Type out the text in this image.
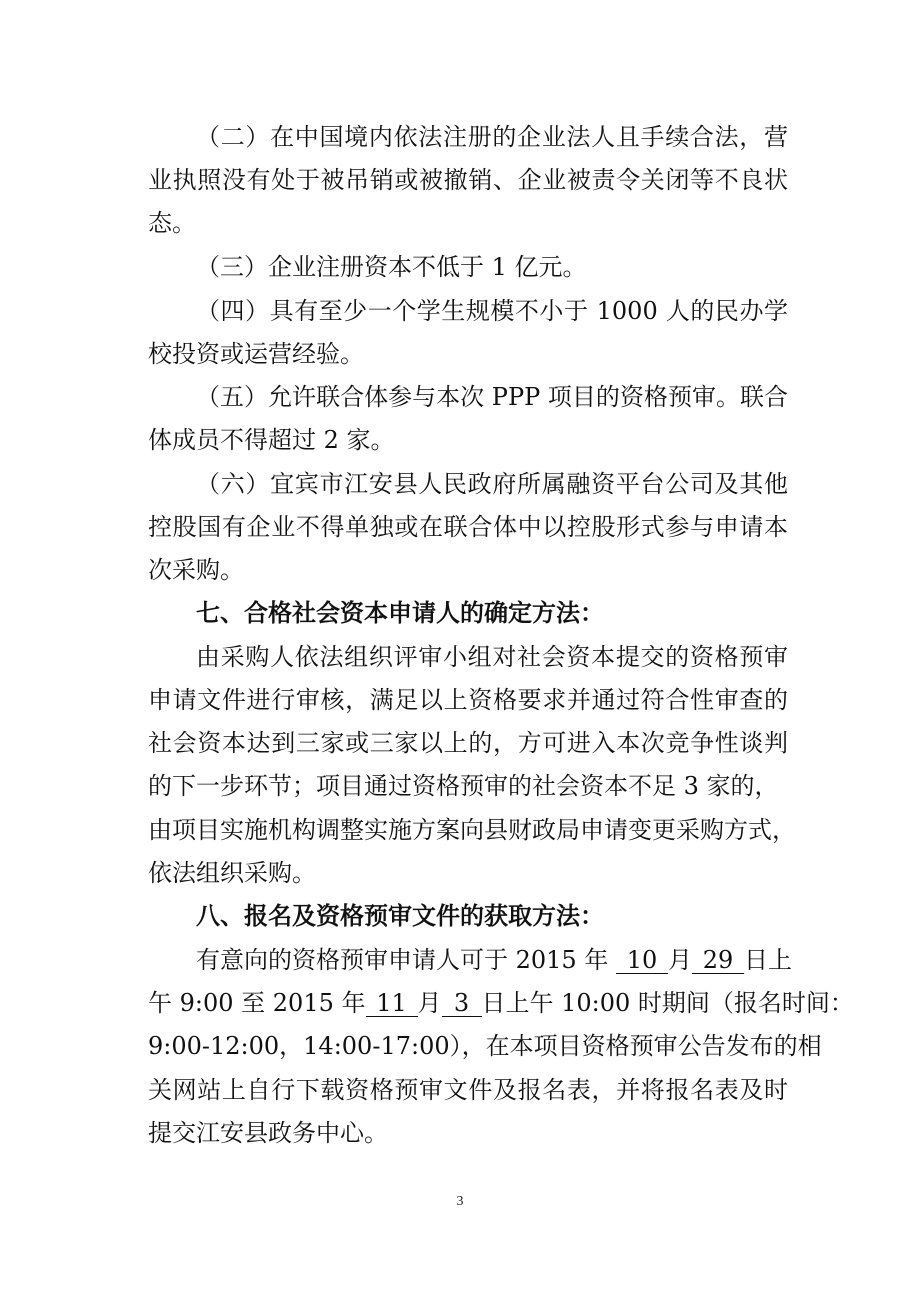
（二）在中国境内依法注册的企业法人且手续合法，营
业执照没有处于被吊销或被撤销、企业被责令关闭等不良状
态。
（三）企业注册资本不低于 1 亿元。
（四）具有至少一个学生规模不小于 1000 人的民办学
校投资或运营经验。
（五）允许联合体参与本次 PPP 项目的资格预审。联合
体成员不得超过 2 家。
（六）宜宾市江安县人民政府所属融资平台公司及其他
控股国有企业不得单独或在联合体中以控股形式参与申请本
次采购。
七、合格社会资本申请人的确定方法：
由采购人依法组织评审小组对社会资本提交的资格预审
申请文件进行审核，满足以上资格要求并通过符合性审查的
社会资本达到三家或三家以上的，方可进入本次竞争性谈判
的下一步环节；项目通过资格预审的社会资本不足 3 家的，
由项目实施机构调整实施方案向县财政局申请变更采购方式，
依法组织采购。
八、报名及资格预审文件的获取方法：
有意向的资格预审申请人可于 2015 年 10 月 29 日上
午 9:00 至 2015 年 11 月 3 日上午 10:00 时期间（报名时间：
9:00-12:00，14:00-17:00），在本项目资格预审公告发布的相
关网站上自行下载资格预审文件及报名表，并将报名表及时
提交江安县政务中心。
3
